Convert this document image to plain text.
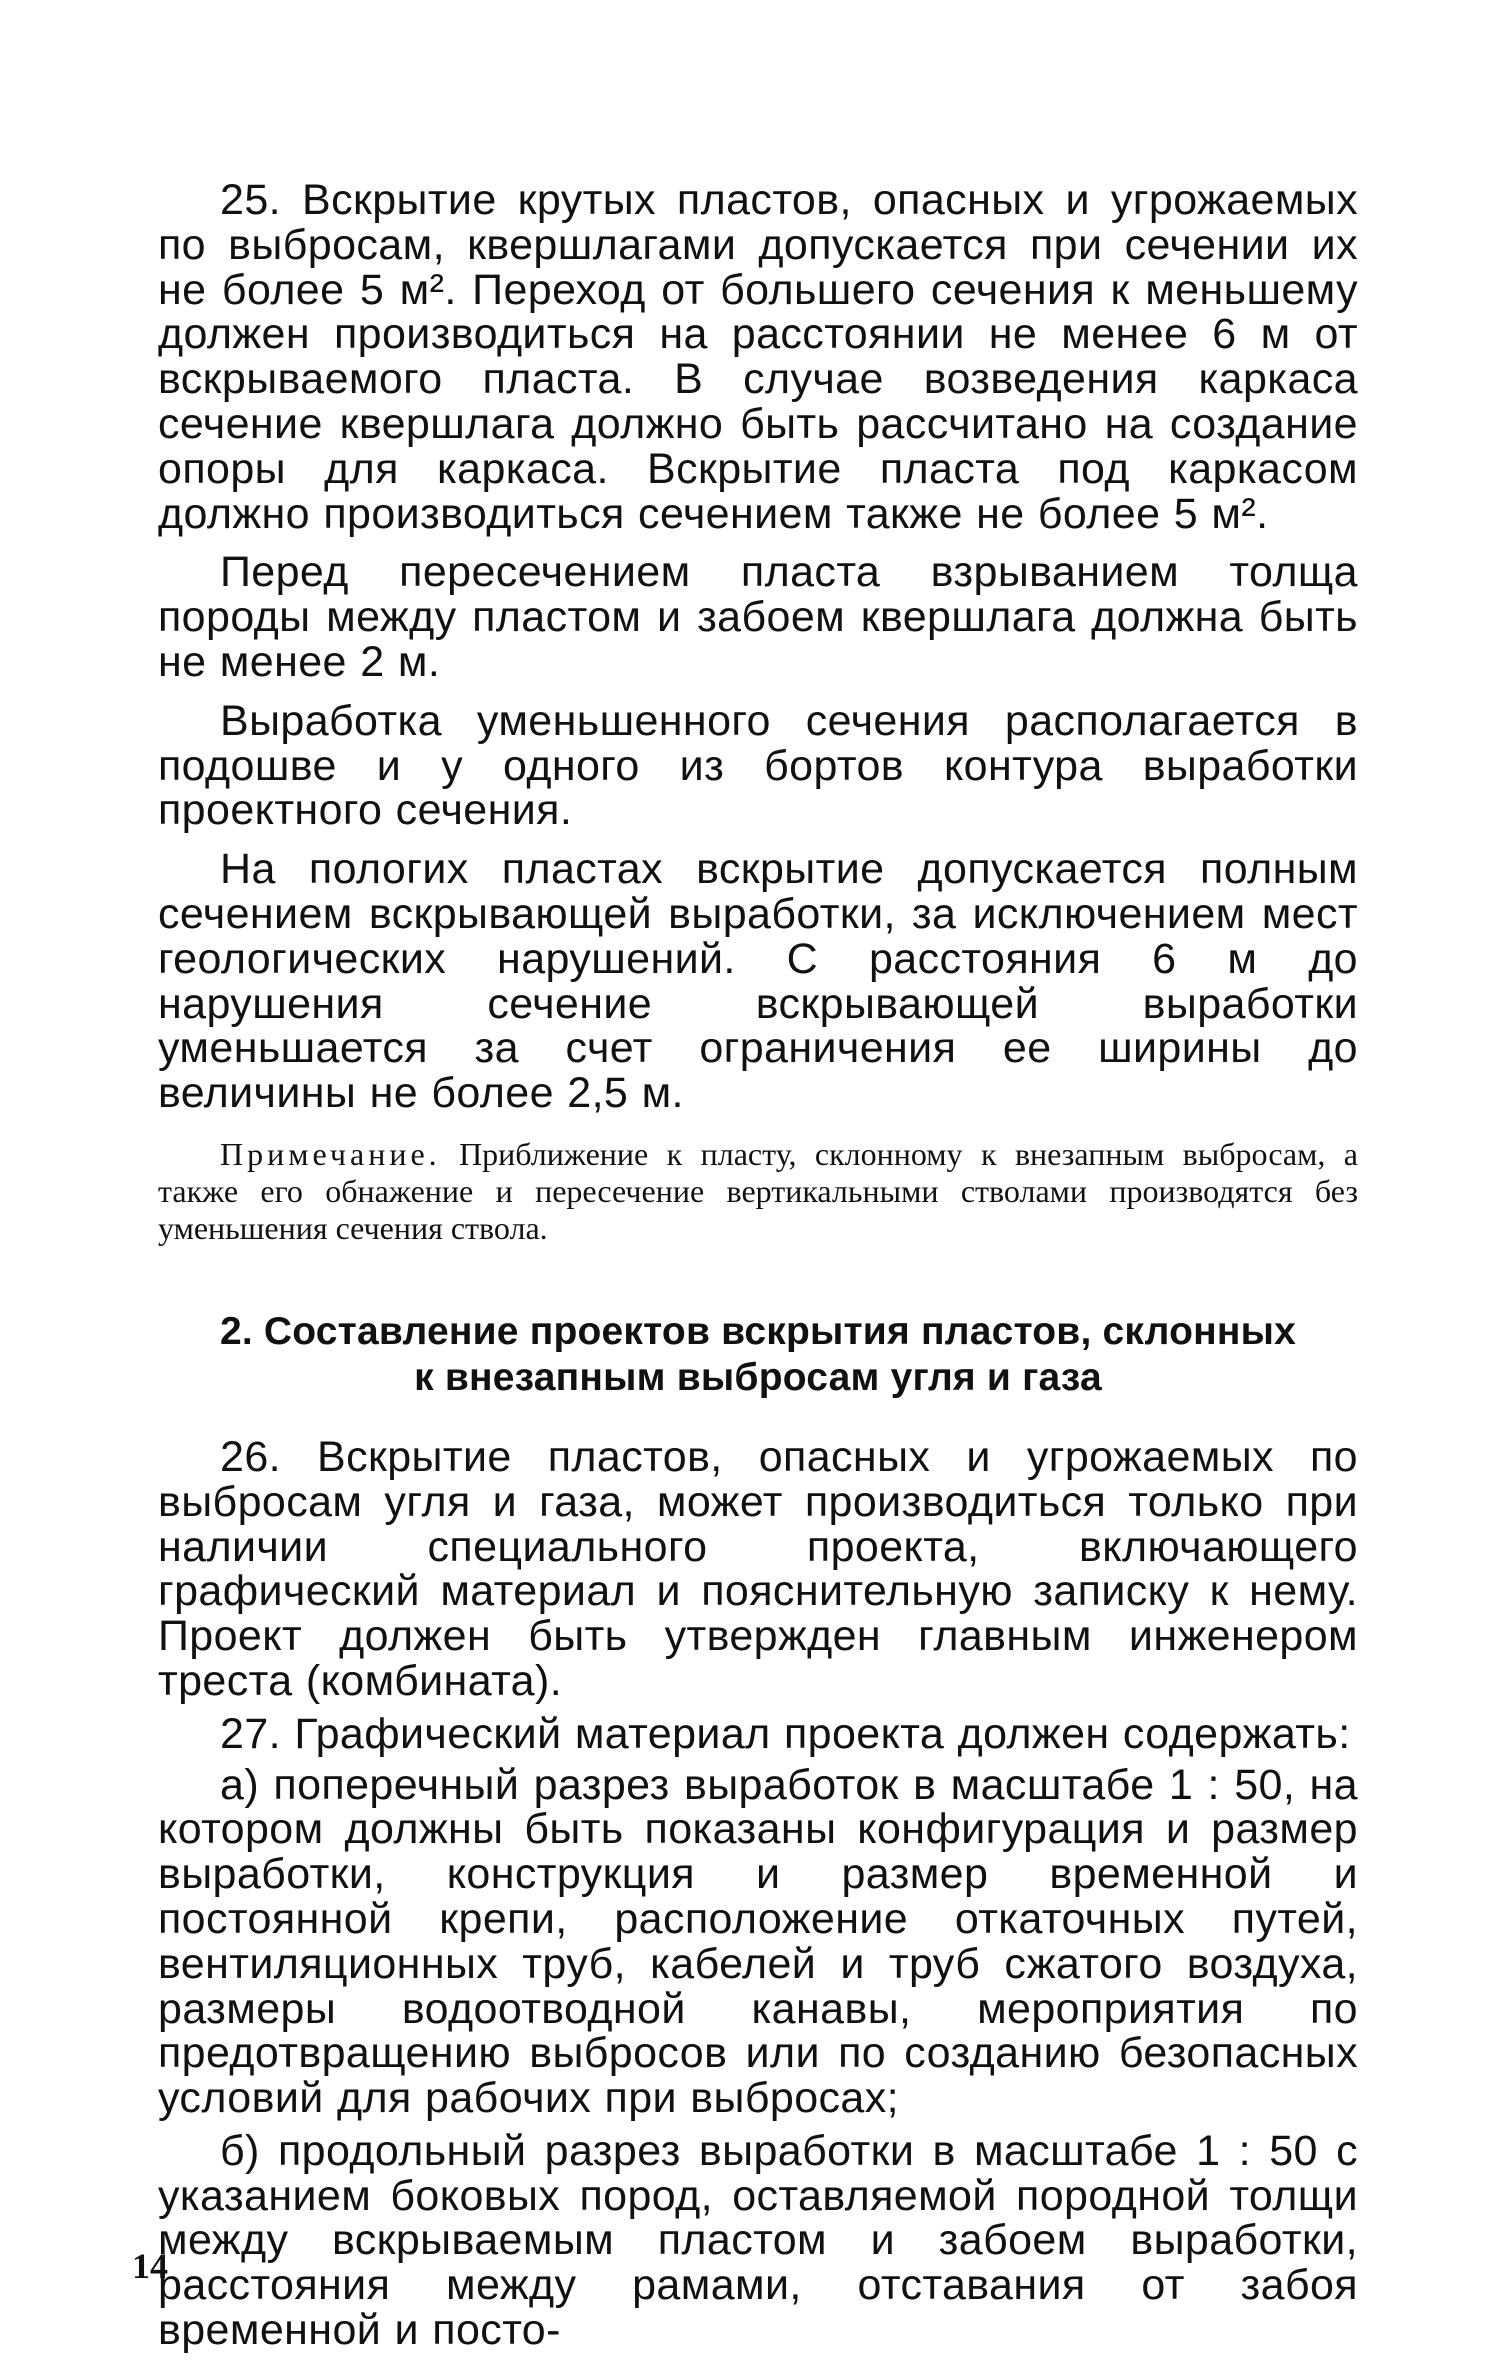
25. Вскрытие крутых пластов, опасных и угрожаемых по выбросам, квершлагами допускается при сечении их не более 5 м². Переход от большего сечения к меньшему должен производиться на расстоянии не менее 6 м от вскрываемого пласта. В случае возведения каркаса сечение квершлага должно быть рассчитано на создание опоры для каркаса. Вскрытие пласта под каркасом должно производиться сечением также не более 5 м².

Перед пересечением пласта взрыванием толща породы между пластом и забоем квершлага должна быть не менее 2 м.

Выработка уменьшенного сечения располагается в подошве и у одного из бортов контура выработки проектного сечения.

На пологих пластах вскрытие допускается полным сечением вскрывающей выработки, за исключением мест геологических нарушений. С расстояния 6 м до нарушения сечение вскрывающей выработки уменьшается за счет ограничения ее ширины до величины не более 2,5 м.

Примечание. Приближение к пласту, склонному к внезапным выбросам, а также его обнажение и пересечение вертикальными стволами производятся без уменьшения сечения ствола.

2. Составление проектов вскрытия пластов, склонных
к внезапным выбросам угля и газа

26. Вскрытие пластов, опасных и угрожаемых по выбросам угля и газа, может производиться только при наличии специального проекта, включающего графический материал и пояснительную записку к нему. Проект должен быть утвержден главным инженером треста (комбината).

27. Графический материал проекта должен содержать:

а) поперечный разрез выработок в масштабе 1 : 50, на котором должны быть показаны конфигурация и размер выработки, конструкция и размер временной и постоянной крепи, расположение откаточных путей, вентиляционных труб, кабелей и труб сжатого воздуха, размеры водоотводной канавы, мероприятия по предотвращению выбросов или по созданию безопасных условий для рабочих при выбросах;

б) продольный разрез выработки в масштабе 1 : 50 с указанием боковых пород, оставляемой породной толщи между вскрываемым пластом и забоем выработки, расстояния между рамами, отставания от забоя временной и посто-

14
